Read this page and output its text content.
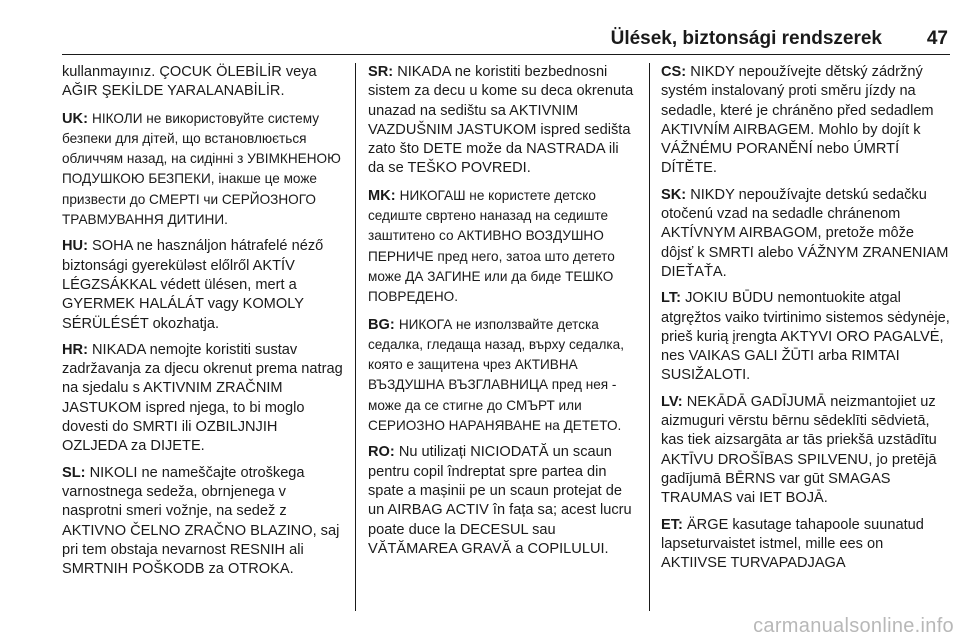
Ülések, biztonsági rendszerek 47

kullanmayınız. ÇOCUK ÖLEBİLİR veya AĞIR ŞEKİLDE YARALANABİLİR.

UK: НІКОЛИ не використовуйте систему безпеки для дітей, що встановлюється обличчям назад, на сидінні з УВІМКНЕНОЮ ПОДУШКОЮ БЕЗПЕКИ, інакше це може призвести до СМЕРТІ чи СЕРЙОЗНОГО ТРАВМУВАННЯ ДИТИНИ.

HU: SOHA ne használjon hátrafelé néző biztonsági gyereküləst előlről AKTÍV LÉGZSÁKKAL védett ülésen, mert a GYERMEK HALÁLÁT vagy KOMOLY SÉRÜLÉSÉT okozhatja.

HR: NIKADA nemojte koristiti sustav zadržavanja za djecu okrenut prema natrag na sjedalu s AKTIVNIM ZRAČNIM JASTUKOM ispred njega, to bi moglo dovesti do SMRTI ili OZBILJNJIH OZLJEDA za DIJETE.

SL: NIKOLI ne nameščajte otroškega varnostnega sedeža, obrnjenega v nasprotni smeri vožnje, na sedež z AKTIVNO ČELNO ZRAČNO BLAZINO, saj pri tem obstaja nevarnost RESNIH ali SMRTNIH POŠKODB za OTROKA.

SR: NIKADA ne koristiti bezbednosni sistem za decu u kome su deca okrenuta unazad na sedištu sa AKTIVNIM VAZDUŠNIM JASTUKOM ispred sedišta zato što DETE može da NASTRADA ili da se TEŠKO POVREDI.

MK: НИКОГАШ не користете детско седиште свртено наназад на седиште заштитено со АКТИВНО ВОЗДУШНО ПЕРНИЧЕ пред него, затоа што детето може ДА ЗАГИНЕ или да биде ТЕШКО ПОВРЕДЕНО.

BG: НИКОГА не използвайте детска седалка, гледаща назад, върху седалка, която е защитена чрез АКТИВНА ВЪЗДУШНА ВЪЗГЛАВНИЦА пред нея - може да се стигне до СМЪРТ или СЕРИОЗНО НАРАНЯВАНЕ на ДЕТЕТО.

RO: Nu utilizați NICIODATĂ un scaun pentru copil îndreptat spre partea din spate a mașinii pe un scaun protejat de un AIRBAG ACTIV în fața sa; acest lucru poate duce la DECESUL sau VĂTĂMAREA GRAVĂ a COPILULUI.

CS: NIKDY nepoužívejte dětský zádržný systém instalovaný proti směru jízdy na sedadle, které je chráněno před sedadlem AKTIVNÍM AIRBAGEM. Mohlo by dojít k VÁŽNÉMU PORANĚNÍ nebo ÚMRTÍ DÍTĚTE.

SK: NIKDY nepoužívajte detskú sedačku otočenú vzad na sedadle chránenom AKTÍVNYM AIRBAGOM, pretože môže dôjsť k SMRTI alebo VÁŽNYM ZRANENIAM DIEŤAŤA.

LT: JOKIU BŪDU nemontuokite atgal atgręžtos vaiko tvirtinimo sistemos sėdynėje, prieš kurią įrengta AKTYVI ORO PAGALVĖ, nes VAIKAS GALI ŽŪTI arba RIMTAI SUSIŽALOTI.

LV: NEKĀDĀ GADĪJUMĀ neizmantojiet uz aizmuguri vērstu bērnu sēdeklīti sēdvietā, kas tiek aizsargāta ar tās priekšā uzstādītu AKTĪVU DROŠĪBAS SPILVENU, jo pretējā gadījumā BĒRNS var gūt SMAGAS TRAUMAS vai IET BOJĀ.

ET: ÄRGE kasutage tahapoole suunatud lapseturvaistet istmel, mille ees on AKTIIVSE TURVAPADJAGA

carmanualsonline.info
